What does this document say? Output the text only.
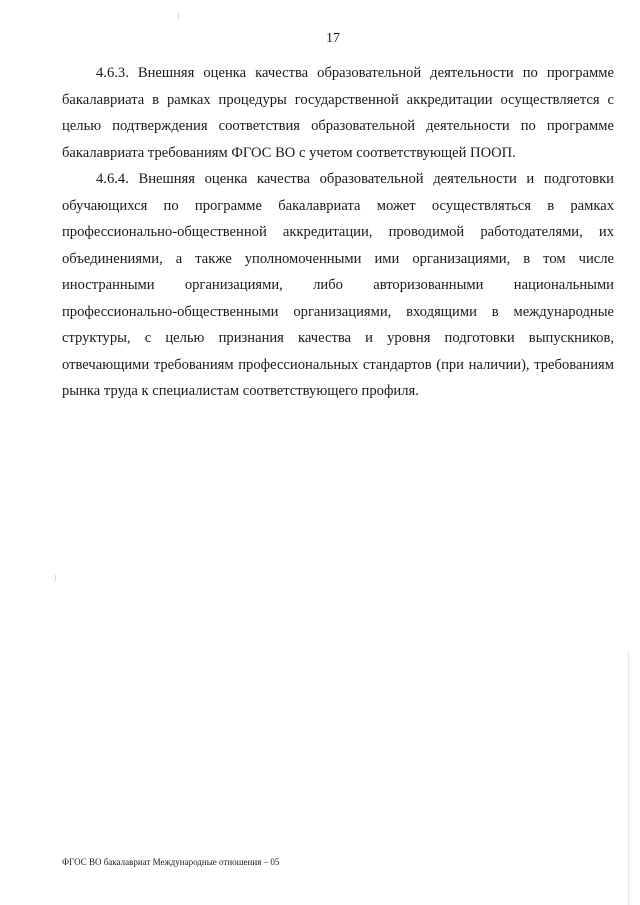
17

4.6.3. Внешняя оценка качества образовательной деятельности по программе бакалавриата в рамках процедуры государственной аккредитации осуществляется с целью подтверждения соответствия образовательной деятельности по программе бакалавриата требованиям ФГОС ВО с учетом соответствующей ПООП.

4.6.4. Внешняя оценка качества образовательной деятельности и подготовки обучающихся по программе бакалавриата может осуществляться в рамках профессионально-общественной аккредитации, проводимой работодателями, их объединениями, а также уполномоченными ими организациями, в том числе иностранными организациями, либо авторизованными национальными профессионально-общественными организациями, входящими в международные структуры, с целью признания качества и уровня подготовки выпускников, отвечающими требованиям профессиональных стандартов (при наличии), требованиям рынка труда к специалистам соответствующего профиля.

ФГОС ВО бакалавриат Международные отношения – 05
